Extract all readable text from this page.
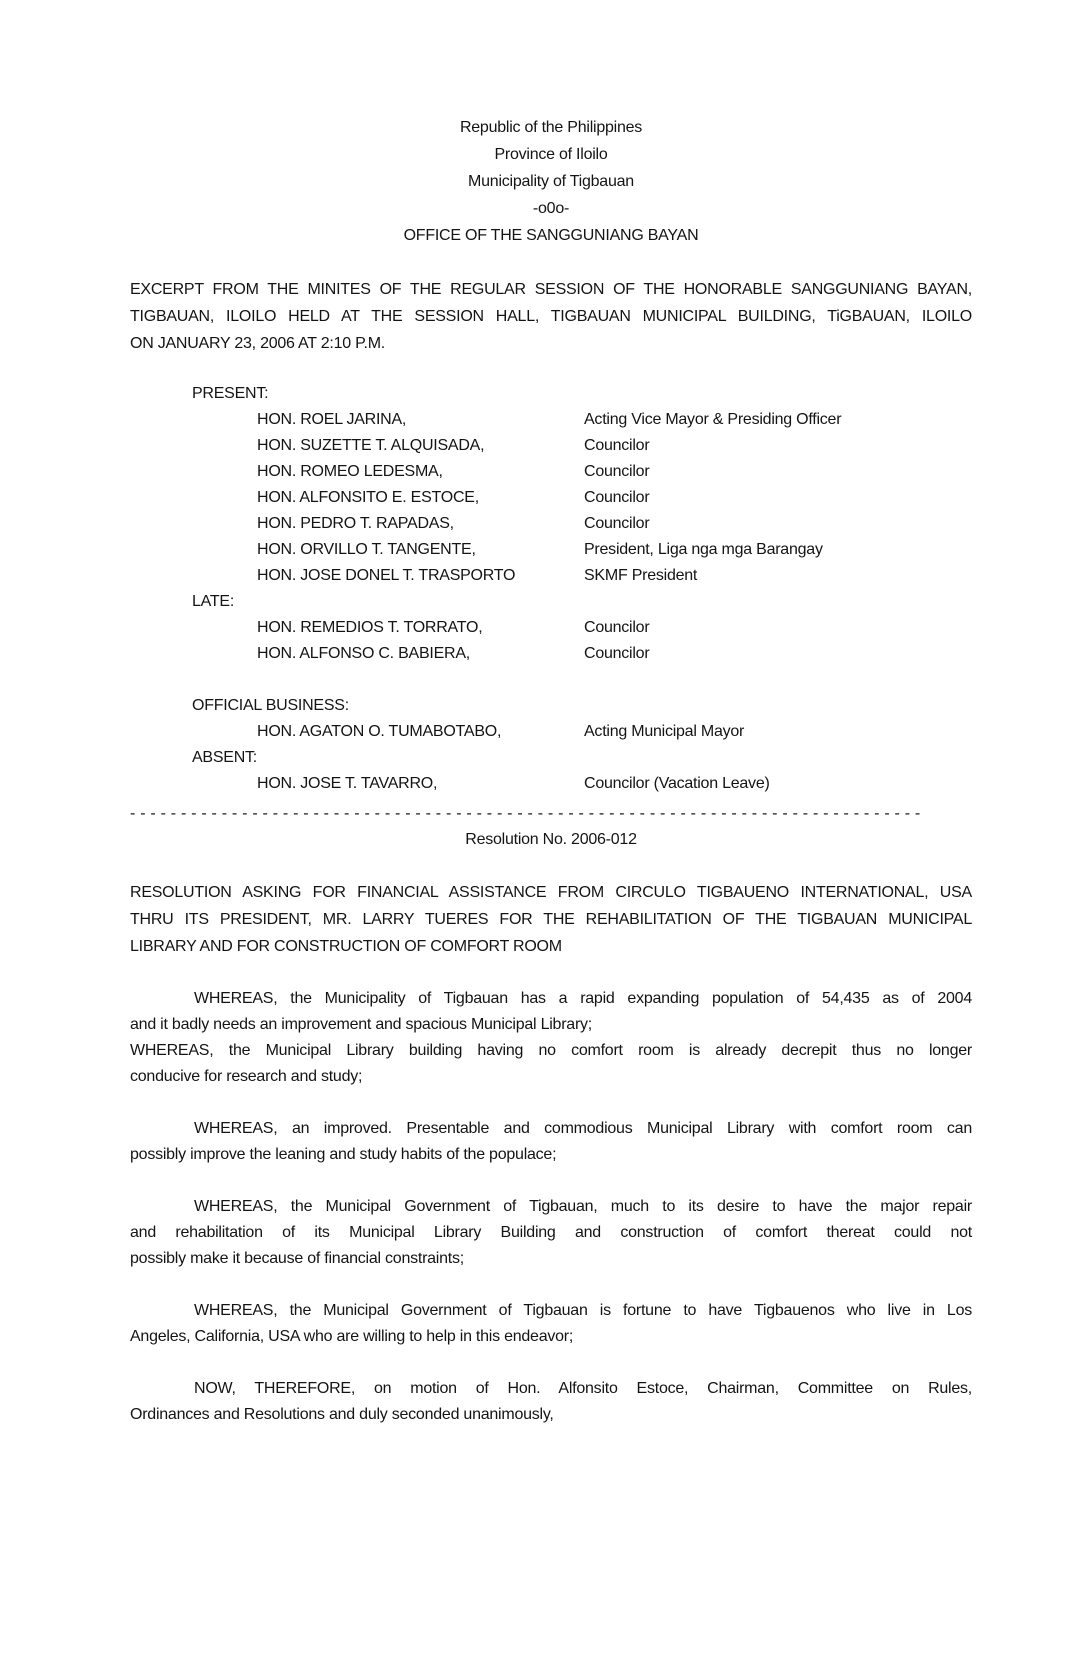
Republic of the Philippines
Province of Iloilo
Municipality of Tigbauan
-o0o-
OFFICE OF THE SANGGUNIANG BAYAN
EXCERPT FROM THE MINITES OF THE REGULAR SESSION OF THE HONORABLE SANGGUNIANG BAYAN,
TIGBAUAN, ILOILO HELD AT THE SESSION HALL, TIGBAUAN MUNICIPAL BUILDING, TiGBAUAN, ILOILO
ON JANUARY 23, 2006 AT 2:10 P.M.
PRESENT:
HON. ROEL JARINA,	Acting Vice Mayor & Presiding Officer
HON. SUZETTE T. ALQUISADA,	Councilor
HON. ROMEO LEDESMA,	Councilor
HON. ALFONSITO E. ESTOCE,	Councilor
HON. PEDRO T. RAPADAS,	Councilor
HON. ORVILLO T. TANGENTE,	President, Liga nga mga Barangay
HON. JOSE DONEL T. TRASPORTO	SKMF President
LATE:
HON. REMEDIOS T. TORRATO,	Councilor
HON. ALFONSO C. BABIERA,	Councilor
OFFICIAL BUSINESS:
HON. AGATON O. TUMABOTABO,	Acting Municipal Mayor
ABSENT:
HON. JOSE T. TAVARRO,	Councilor (Vacation Leave)
- - - - - - - - - - - - - - - - - - - - - - - - - - - - - - - - - - - - - - - - - - - - - - - - - - - - - - - - - - - - - - - - - - - - - - - - - - - - - -
Resolution No. 2006-012
RESOLUTION ASKING FOR FINANCIAL ASSISTANCE FROM CIRCULO TIGBAUENO INTERNATIONAL, USA
THRU ITS PRESIDENT, MR. LARRY TUERES FOR THE REHABILITATION OF THE TIGBAUAN MUNICIPAL
LIBRARY AND FOR CONSTRUCTION OF COMFORT ROOM
WHEREAS, the Municipality of Tigbauan has a rapid expanding population of 54,435 as of 2004
and it badly needs an improvement and spacious Municipal Library;
WHEREAS, the Municipal Library building having no comfort room is already decrepit thus no longer
conducive for research and study;
WHEREAS, an improved. Presentable and commodious Municipal Library with comfort room can
possibly improve the leaning and study habits of the populace;
WHEREAS, the Municipal Government of Tigbauan, much to its desire to have the major repair
and rehabilitation of its Municipal Library Building and construction of comfort thereat could not
possibly make it because of financial constraints;
WHEREAS, the Municipal Government of Tigbauan is fortune to have Tigbauenos who live in Los
Angeles, California, USA who are willing to help in this endeavor;
NOW, THEREFORE, on motion of Hon. Alfonsito Estoce, Chairman, Committee on Rules,
Ordinances and Resolutions and duly seconded unanimously,
